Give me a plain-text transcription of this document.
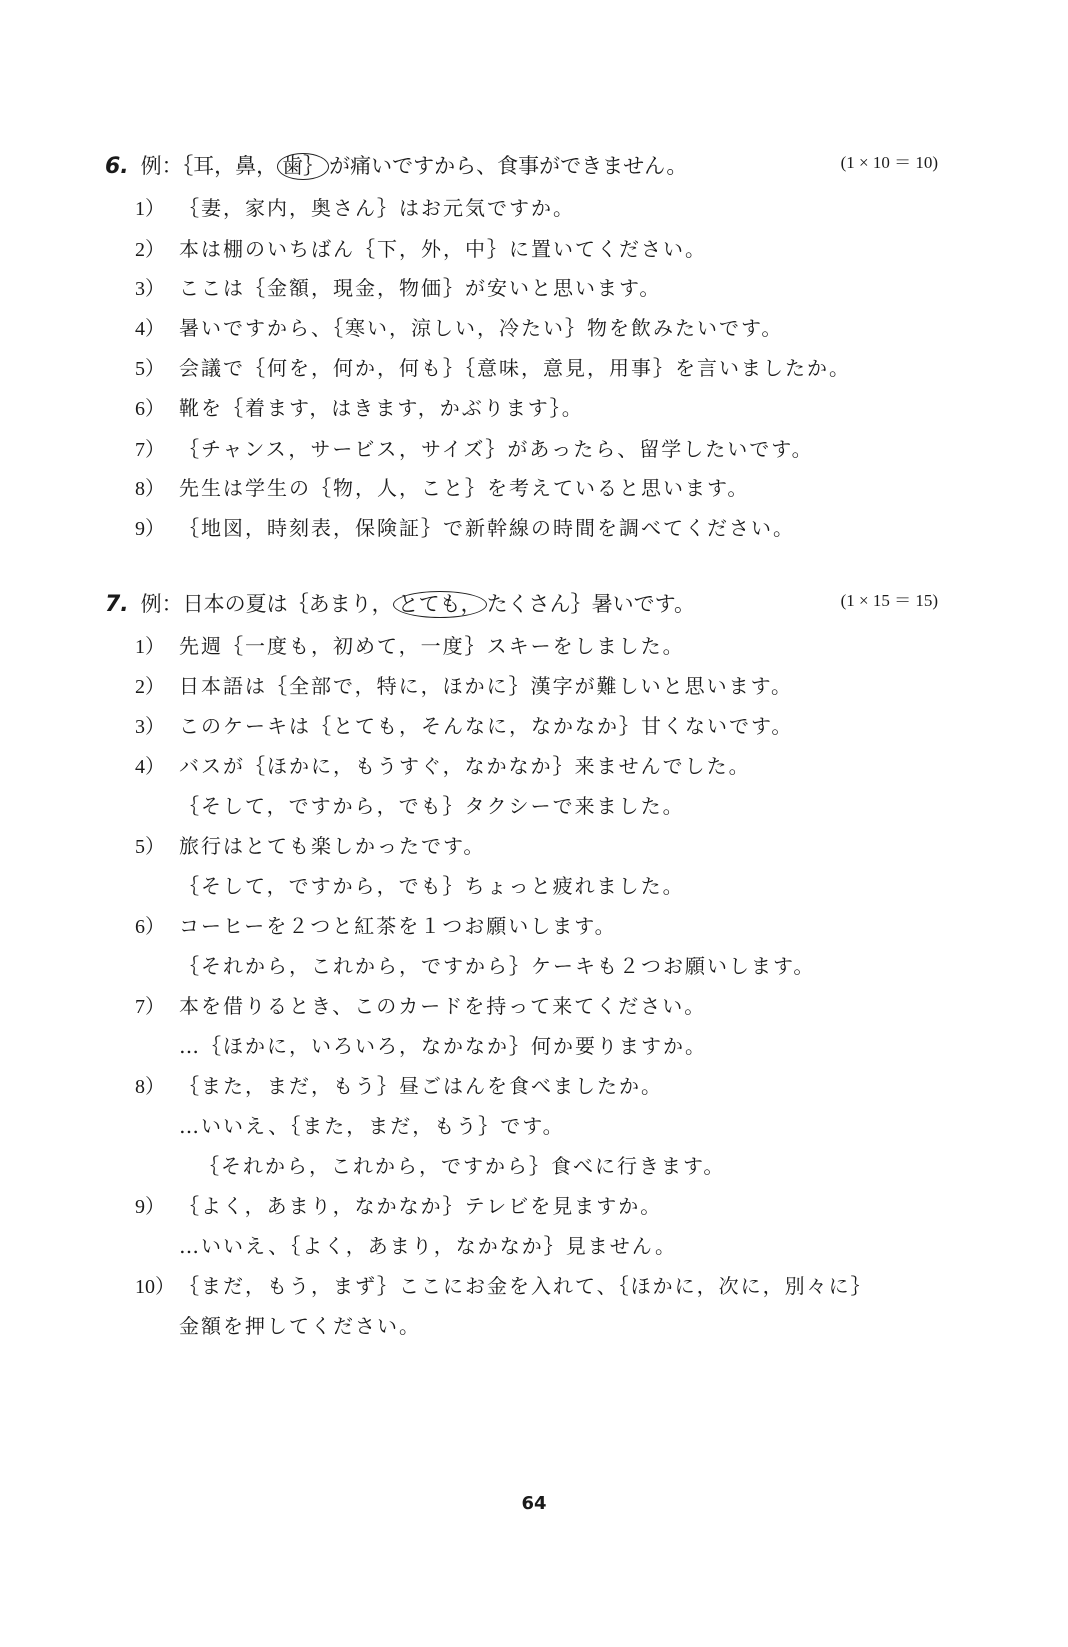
6. 例：｛耳，鼻， 歯｝ が痛いですから、食事ができません。	(1 × 10 ＝ 10)
1） ｛妻，家内，奥さん｝はお元気ですか。
2） 本は棚のいちばん｛下，外，中｝に置いてください。
3） ここは｛金額，現金，物価｝が安いと思います。
4） 暑いですから、｛寒い，涼しい，冷たい｝物を飲みたいです。
5） 会議で｛何を，何か，何も｝｛意味，意見，用事｝を言いましたか。
6） 靴を｛着ます，はきます，かぶります｝。
7） ｛チャンス，サービス，サイズ｝があったら、留学したいです。
8） 先生は学生の｛物，人，こと｝を考えていると思います。
9） ｛地図，時刻表，保険証｝で新幹線の時間を調べてください。
7. 例：日本の夏は｛あまり， とても， たくさん｝暑いです。	(1 × 15 ＝ 15)
1） 先週｛一度も，初めて，一度｝スキーをしました。
2） 日本語は｛全部で，特に，ほかに｝漢字が難しいと思います。
3） このケーキは｛とても，そんなに，なかなか｝甘くないです。
4） バスが｛ほかに，もうすぐ，なかなか｝来ませんでした。
｛そして，ですから，でも｝タクシーで来ました。
5） 旅行はとても楽しかったです。
｛そして，ですから，でも｝ちょっと疲れました。
6） コーヒーを２つと紅茶を１つお願いします。
｛それから，これから，ですから｝ケーキも２つお願いします。
7） 本を借りるとき、このカードを持って来てください。
…｛ほかに，いろいろ，なかなか｝何か要りますか。
8） ｛また，まだ，もう｝昼ごはんを食べましたか。
…いいえ、｛また，まだ，もう｝です。
｛それから，これから，ですから｝食べに行きます。
9） ｛よく，あまり，なかなか｝テレビを見ますか。
…いいえ、｛よく，あまり，なかなか｝見ません。
10） ｛まだ，もう，まず｝ここにお金を入れて、｛ほかに，次に，別々に｝
金額を押してください。
64
